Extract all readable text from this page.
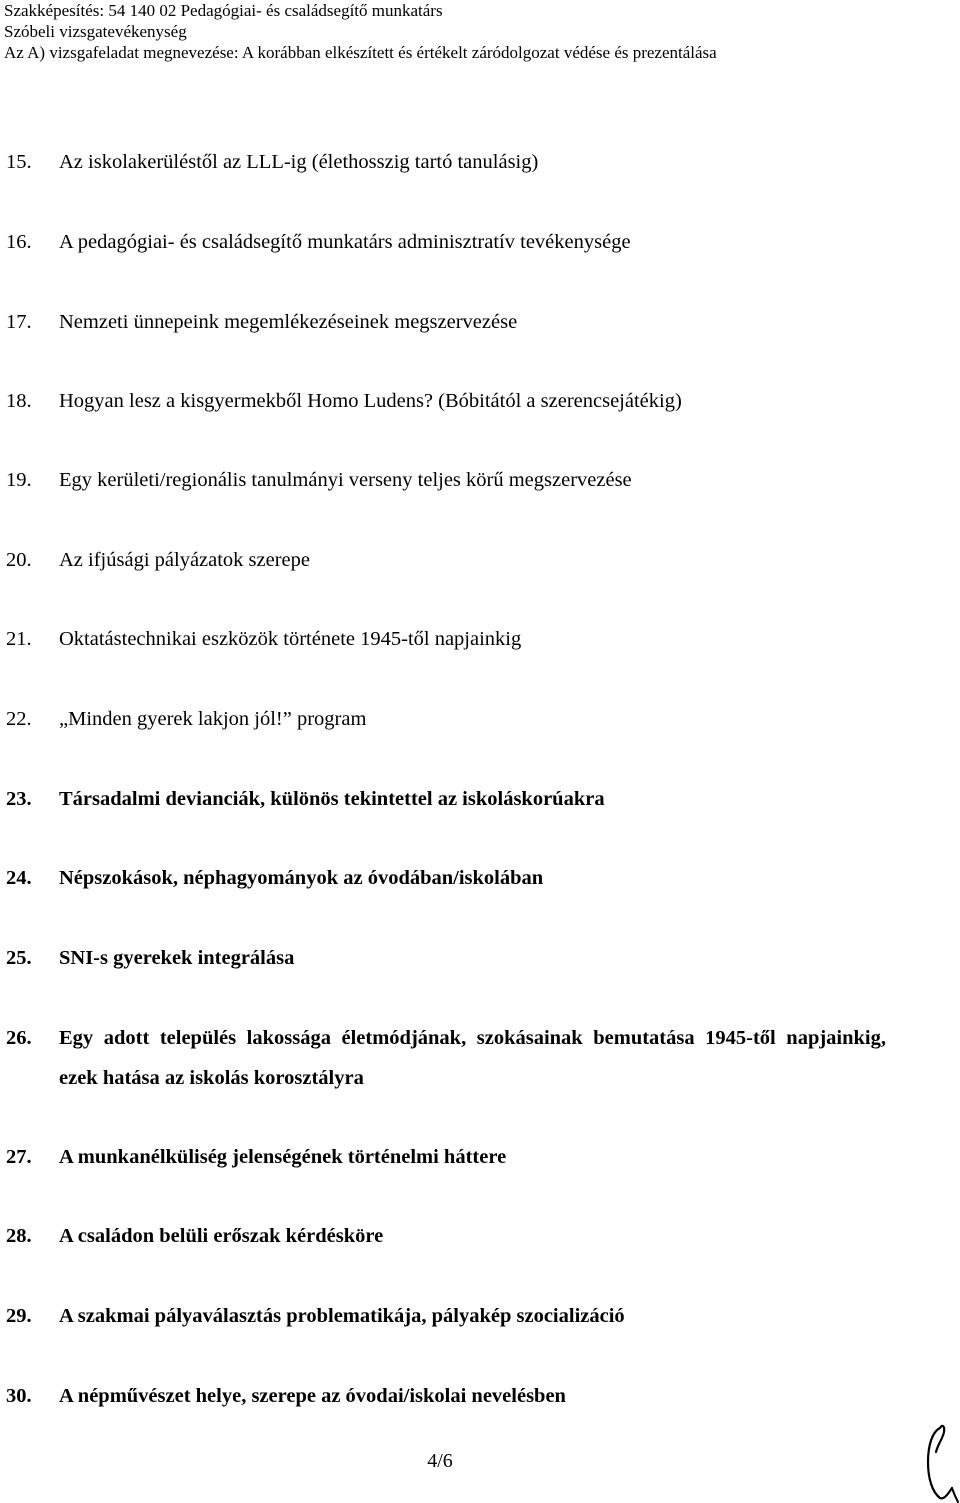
Szakképesítés: 54 140 02 Pedagógiai- és családsegítő munkatárs
Szóbeli vizsgatevékenység
Az A) vizsgafeladat megnevezése: A korábban elkészített és értékelt záródolgozat védése és prezentálása
15.	Az iskolakerüléstől az LLL-ig (élethosszig tartó tanulásig)
16.	A pedagógiai- és családsegítő munkatárs adminisztratív tevékenysége
17.	Nemzeti ünnepeink megemlékezéseinek megszervezése
18.	Hogyan lesz a kisgyermekből Homo Ludens? (Bóbitától a szerencsejátékig)
19.	Egy kerületi/regionális tanulmányi verseny teljes körű megszervezése
20.	Az ifjúsági pályázatok szerepe
21.	Oktatástechnikai eszközök története 1945-től napjainkig
22.	„Minden gyerek lakjon jól!” program
23.	Társadalmi devianciák, különös tekintettel az iskoláskorúakra
24.	Népszokások, néphagyományok az óvodában/iskolában
25.	SNI-s gyerekek integrálása
26.	Egy adott település lakossága életmódjának, szokásainak bemutatása 1945-től napjainkig, ezek hatása az iskolás korosztályra
27.	A munkanélküliség jelenségének történelmi háttere
28.	A családon belüli erőszak kérdésköre
29.	A szakmai pályaválasztás problematikája, pályakép szocializáció
30.	A népművészet helye, szerepe az óvodai/iskolai nevelésben
4/6
